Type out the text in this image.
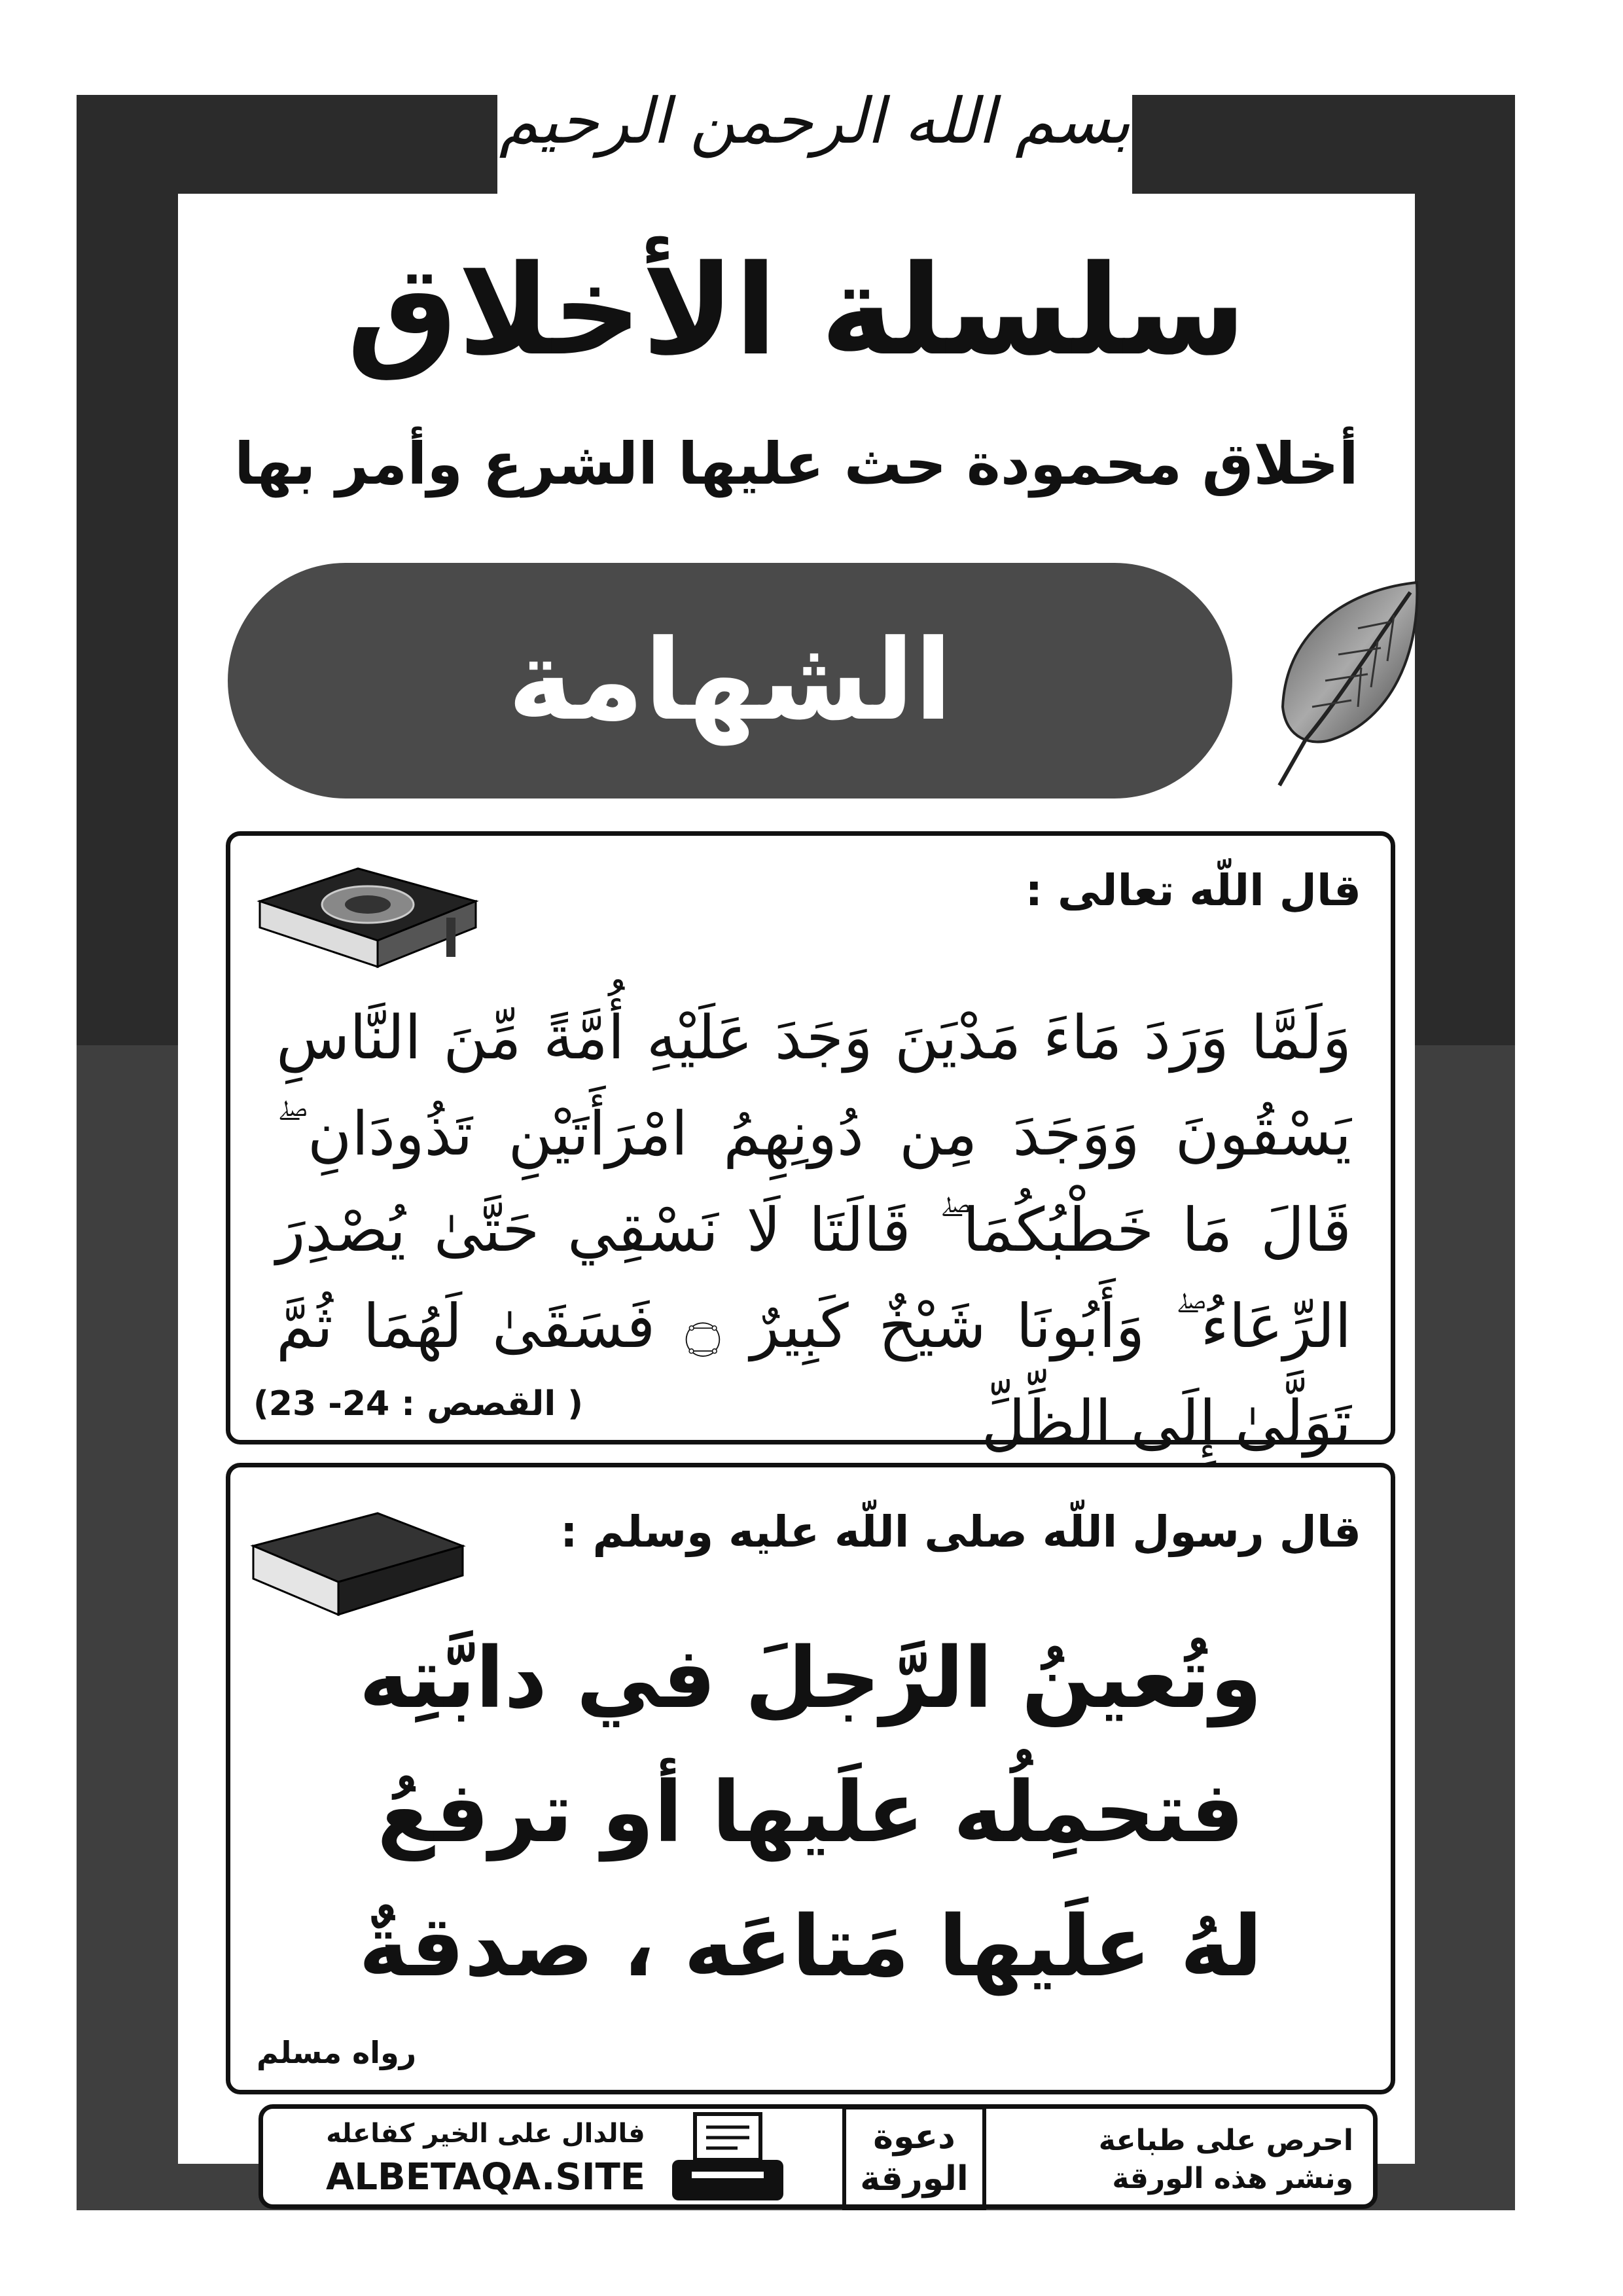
بسم الله الرحمن الرحيم
سلسلة الأخلاق
أخلاق محمودة حث عليها الشرع وأمر بها
الشهامة
قال اللّه تعالى :
وَلَمَّا وَرَدَ مَاءَ مَدْيَنَ وَجَدَ عَلَيْهِ أُمَّةً مِّنَ النَّاسِ يَسْقُونَ وَوَجَدَ مِن دُونِهِمُ امْرَأَتَيْنِ تَذُودَانِ ۖ قَالَ مَا خَطْبُكُمَا ۖ قَالَتَا لَا نَسْقِي حَتَّىٰ يُصْدِرَ الرِّعَاءُ ۖ وَأَبُونَا شَيْخٌ كَبِيرٌ ۝ فَسَقَىٰ لَهُمَا ثُمَّ تَوَلَّىٰ إِلَى الظِّلِّ
( القصص : 24- 23)
قال رسول اللّه صلى اللّه عليه وسلم :
وتُعينُ الرَّجلَ في دابَّتِه
فتحمِلُه علَيها أو ترفعُ
لهُ علَيها مَتاعَه ، صدقةٌ
رواه مسلم
احرص على طباعة
ونشر هذه الورقة
دعوة
الورقة
فالدال على الخير كفاعله
ALBETAQA.SITE
